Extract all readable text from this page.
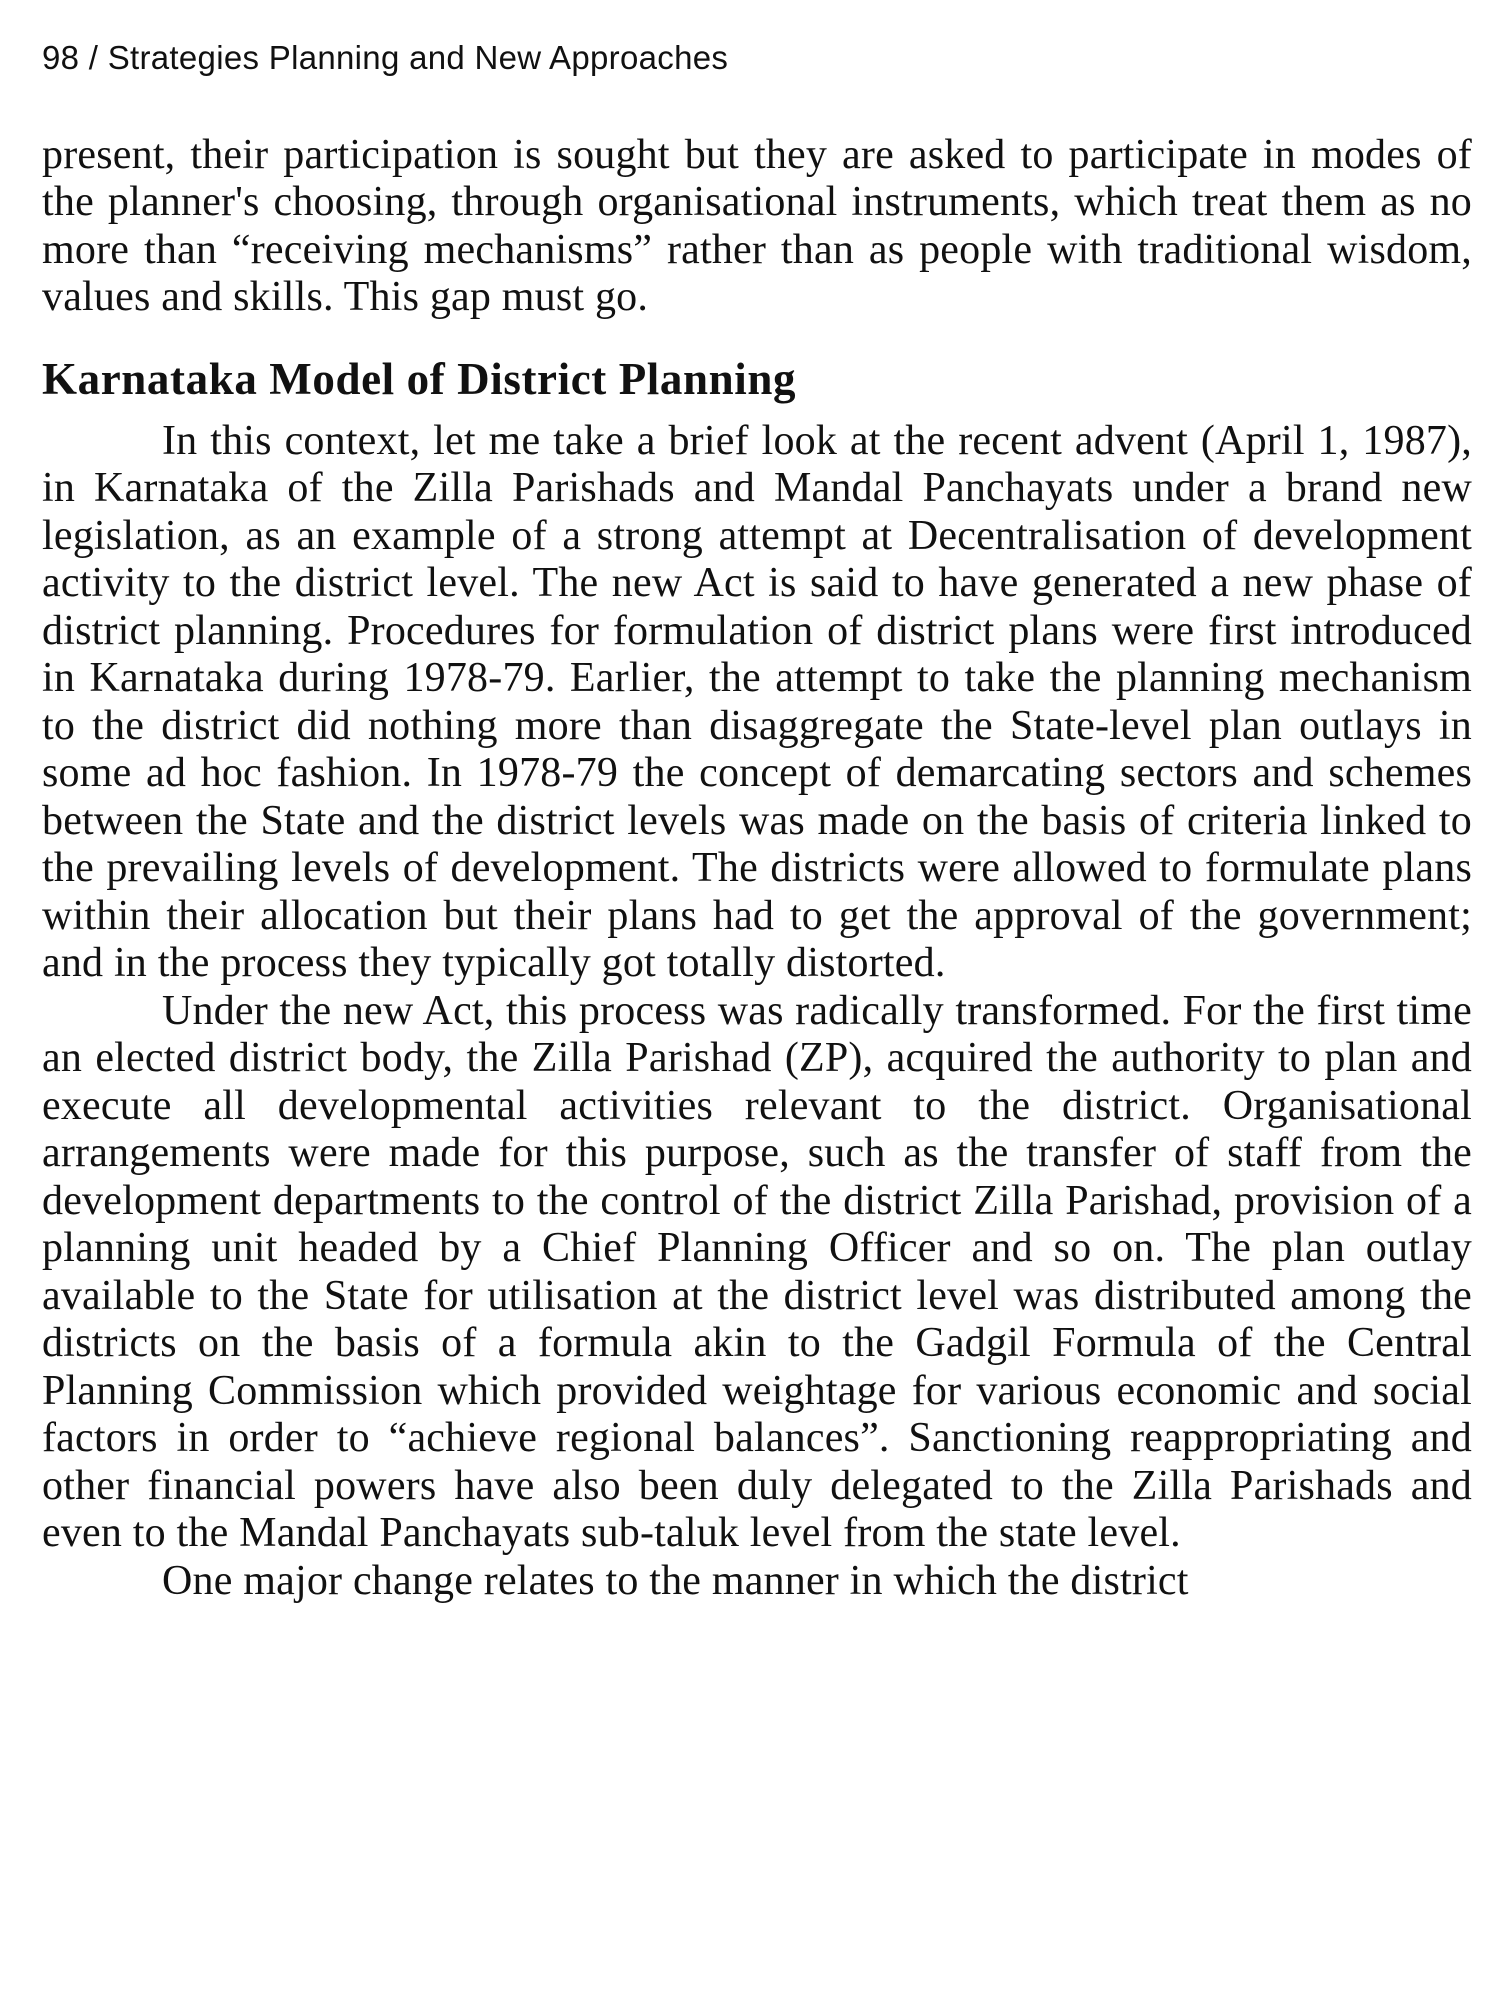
98 / Strategies Planning and New Approaches

present, their participation is sought but they are asked to participate in modes of the planner's choosing, through organisational instruments, which treat them as no more than “receiving mechanisms” rather than as people with traditional wisdom, values and skills. This gap must go.

Karnataka Model of District Planning

In this context, let me take a brief look at the recent advent (April 1, 1987), in Karnataka of the Zilla Parishads and Mandal Panchayats under a brand new legislation, as an example of a strong attempt at Decentralisation of development activity to the district level. The new Act is said to have generated a new phase of district planning. Procedures for formulation of district plans were first introduced in Karnataka during 1978-79. Earlier, the attempt to take the planning mechanism to the district did nothing more than disaggregate the State-level plan outlays in some ad hoc fashion. In 1978-79 the concept of demarcating sectors and schemes between the State and the district levels was made on the basis of criteria linked to the prevailing levels of development. The districts were allowed to formulate plans within their allocation but their plans had to get the approval of the government; and in the process they typically got totally distorted.

Under the new Act, this process was radically transformed. For the first time an elected district body, the Zilla Parishad (ZP), acquired the authority to plan and execute all developmental activities relevant to the district. Organisational arrangements were made for this purpose, such as the transfer of staff from the development departments to the control of the district Zilla Parishad, provision of a planning unit headed by a Chief Planning Officer and so on. The plan outlay available to the State for utilisation at the district level was distributed among the districts on the basis of a formula akin to the Gadgil Formula of the Central Planning Commission which provided weightage for various economic and social factors in order to “achieve regional balances”. Sanctioning reappropriating and other financial powers have also been duly delegated to the Zilla Parishads and even to the Mandal Panchayats sub-taluk level from the state level.

One major change relates to the manner in which the district
